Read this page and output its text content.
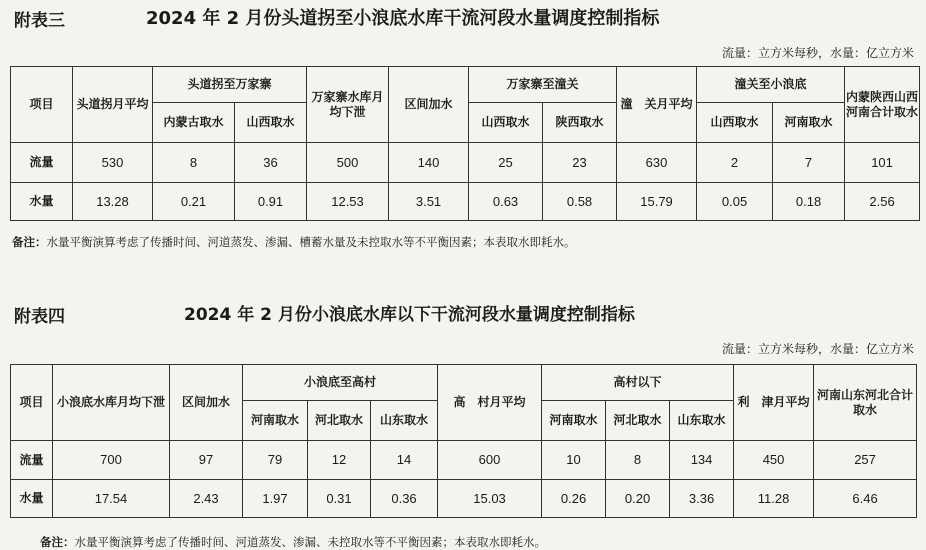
附表三	2024 年 2 月份头道拐至小浪底水库干流河段水量调度控制指标
流量：立方米每秒，水量：亿立方米
项目	头道拐月平均	头道拐至万家寨		万家寨水库月均下泄	区间加水	万家寨至潼关		潼　关月平均	潼关至小浪底		内蒙陕西山西河南合计取水
		内蒙古取水	山西取水			山西取水	陕西取水		山西取水	河南取水	
流量	530	8	36	500	140	25	23	630	2	7	101
水量	13.28	0.21	0.91	12.53	3.51	0.63	0.58	15.79	0.05	0.18	2.56
备注：水量平衡演算考虑了传播时间、河道蒸发、渗漏、槽蓄水量及未控取水等不平衡因素；本表取水即耗水。
附表四	2024 年 2 月份小浪底水库以下干流河段水量调度控制指标
流量：立方米每秒，水量：亿立方米
项目	小浪底水库月均下泄	区间加水	小浪底至高村			高　村月平均	高村以下			利　津月平均	河南山东河北合计取水
			河南取水	河北取水	山东取水		河南取水	河北取水	山东取水		
流量	700	97	79	12	14	600	10	8	134	450	257
水量	17.54	2.43	1.97	0.31	0.36	15.03	0.26	0.20	3.36	11.28	6.46
备注：水量平衡演算考虑了传播时间、河道蒸发、渗漏、未控取水等不平衡因素；本表取水即耗水。
